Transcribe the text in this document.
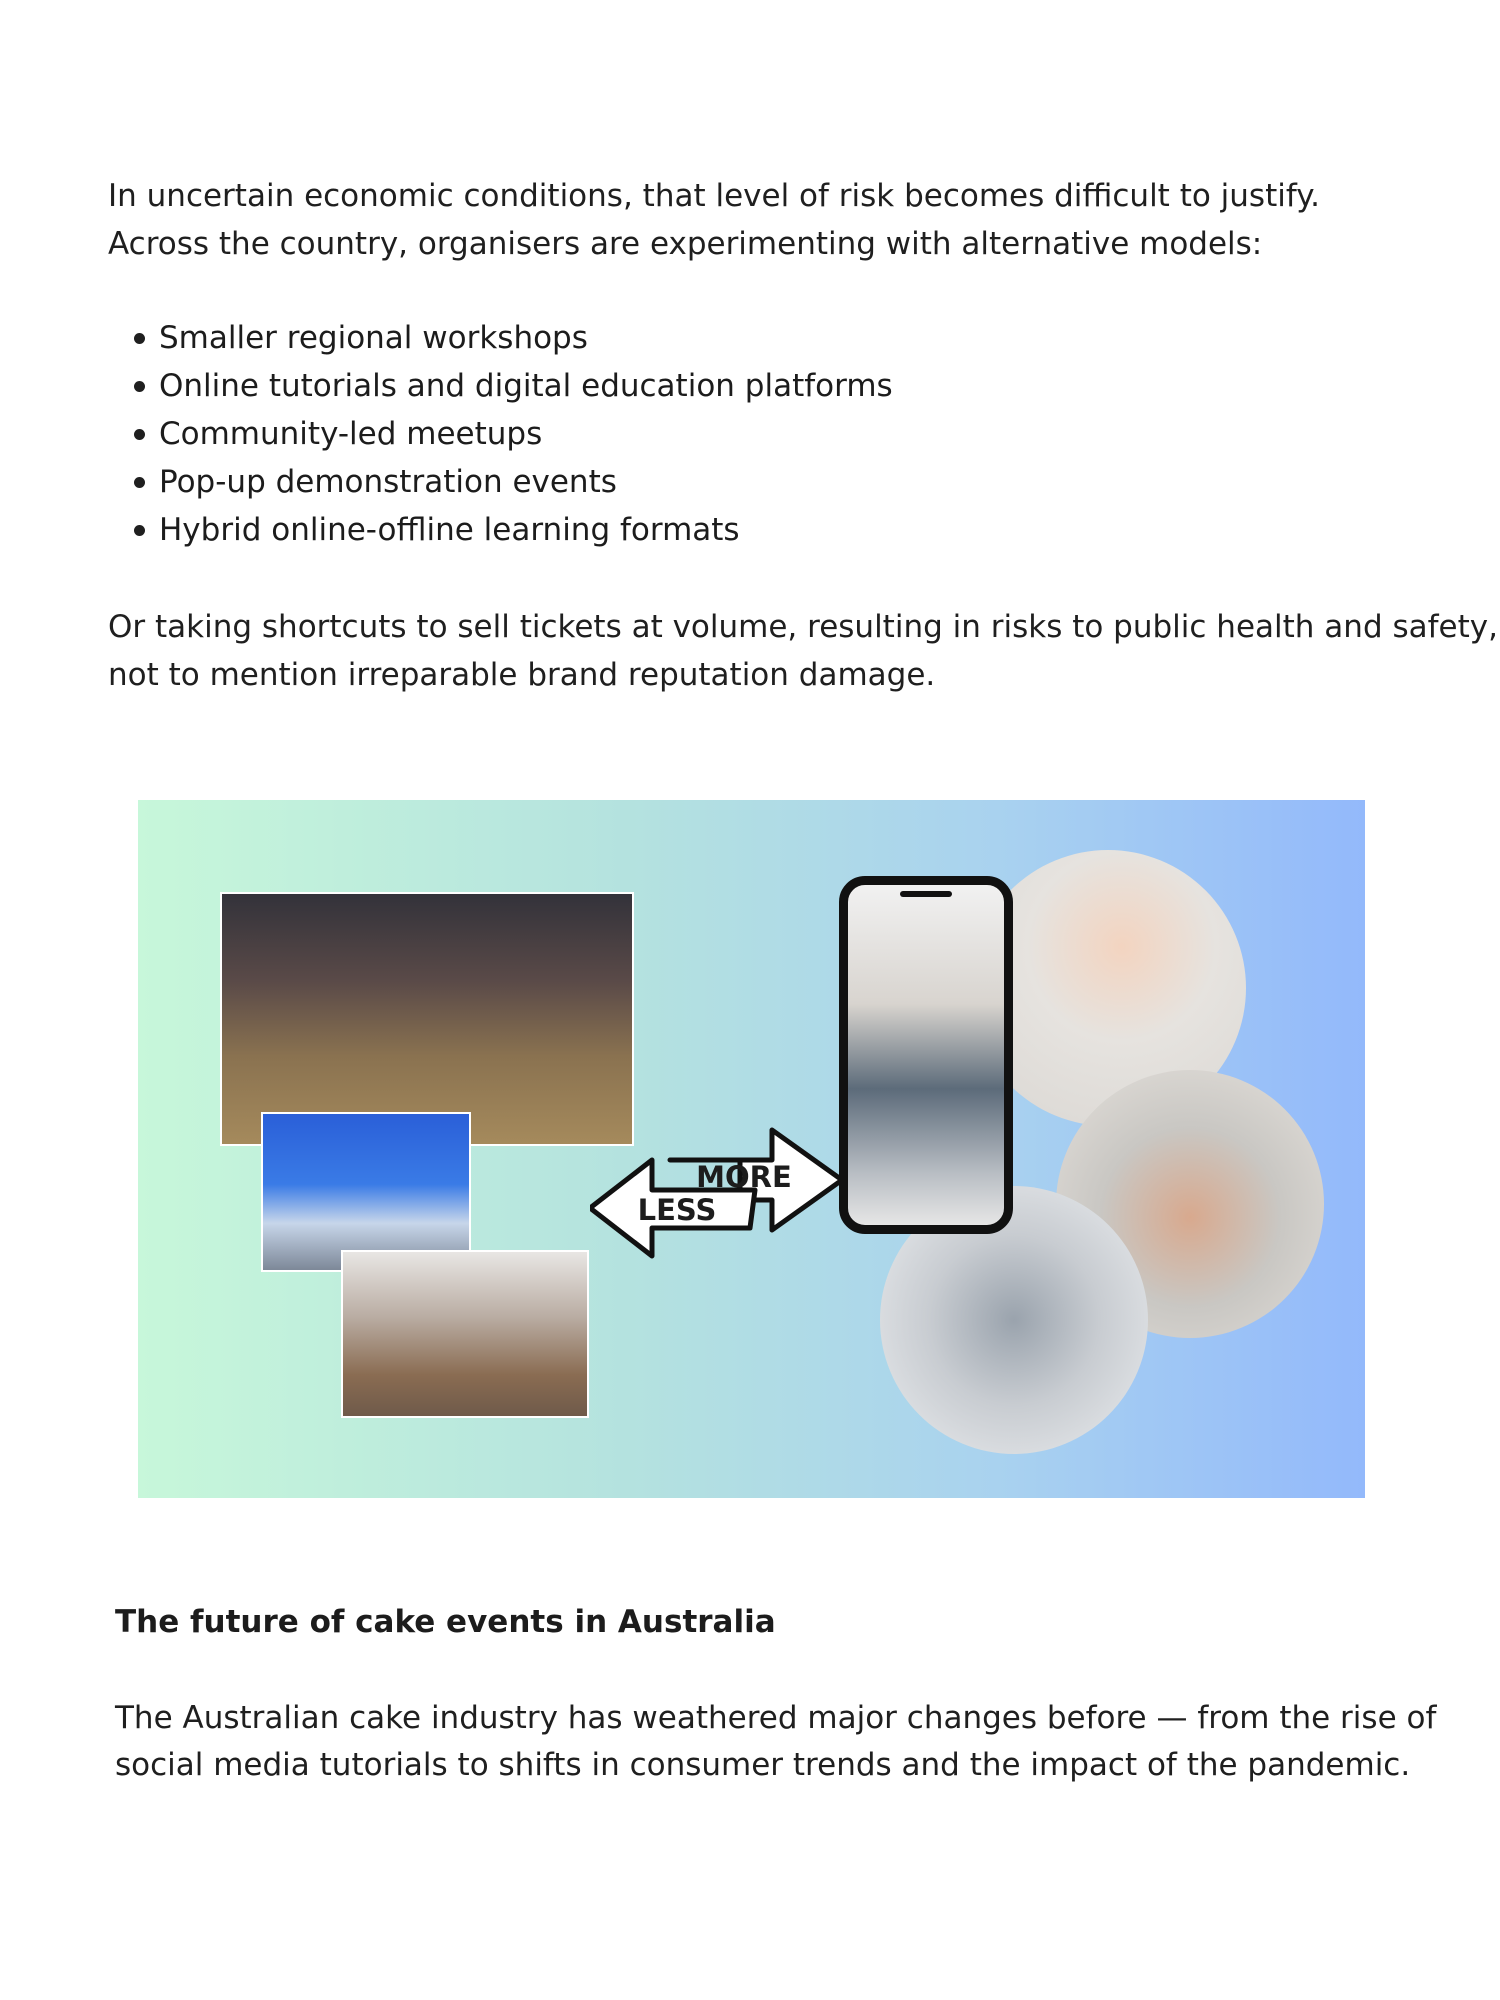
In uncertain economic conditions, that level of risk becomes difficult to justify.

Across the country, organisers are experimenting with alternative models:

Smaller regional workshops
Online tutorials and digital education platforms
Community-led meetups
Pop-up demonstration events
Hybrid online-offline learning formats

Or taking shortcuts to sell tickets at volume, resulting in risks to public health and safety,

not to mention irreparable brand reputation damage.

MORE
LESS
The future of cake events in Australia

The Australian cake industry has weathered major changes before — from the rise of

social media tutorials to shifts in consumer trends and the impact of the pandemic.
